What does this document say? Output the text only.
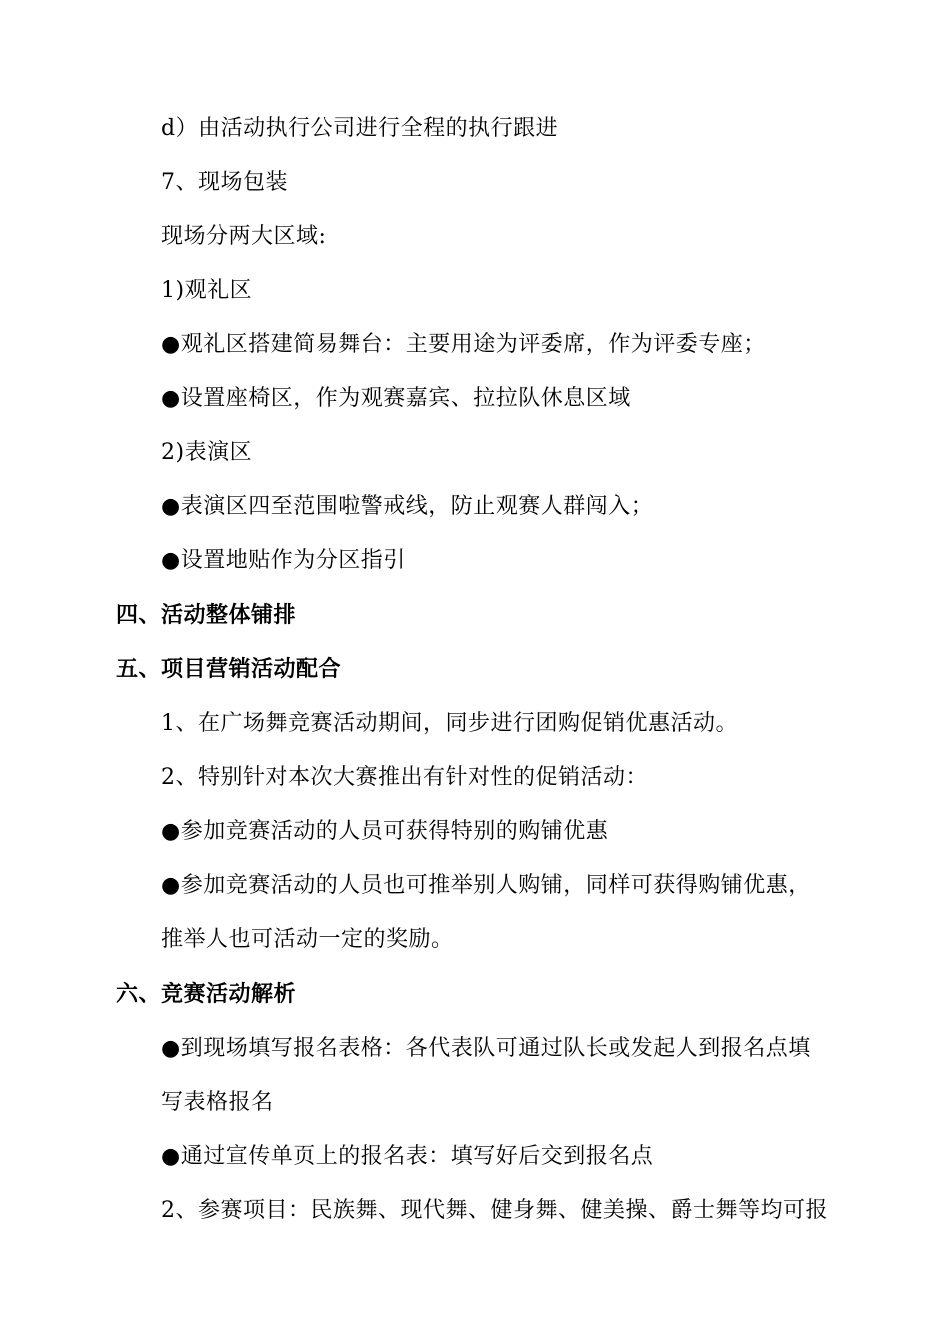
d）由活动执行公司进行全程的执行跟进
7、现场包装
现场分两大区域:
1)观礼区
●观礼区搭建简易舞台：主要用途为评委席，作为评委专座；
●设置座椅区，作为观赛嘉宾、拉拉队休息区域
2)表演区
●表演区四至范围啦警戒线，防止观赛人群闯入；
●设置地贴作为分区指引
四、活动整体铺排
五、项目营销活动配合
1、在广场舞竞赛活动期间，同步进行团购促销优惠活动。
2、特别针对本次大赛推出有针对性的促销活动：
●参加竞赛活动的人员可获得特别的购铺优惠
●参加竞赛活动的人员也可推举别人购铺，同样可获得购铺优惠，
推举人也可活动一定的奖励。
六、竞赛活动解析
●到现场填写报名表格：各代表队可通过队长或发起人到报名点填
写表格报名
●通过宣传单页上的报名表：填写好后交到报名点
2、参赛项目：民族舞、现代舞、健身舞、健美操、爵士舞等均可报
